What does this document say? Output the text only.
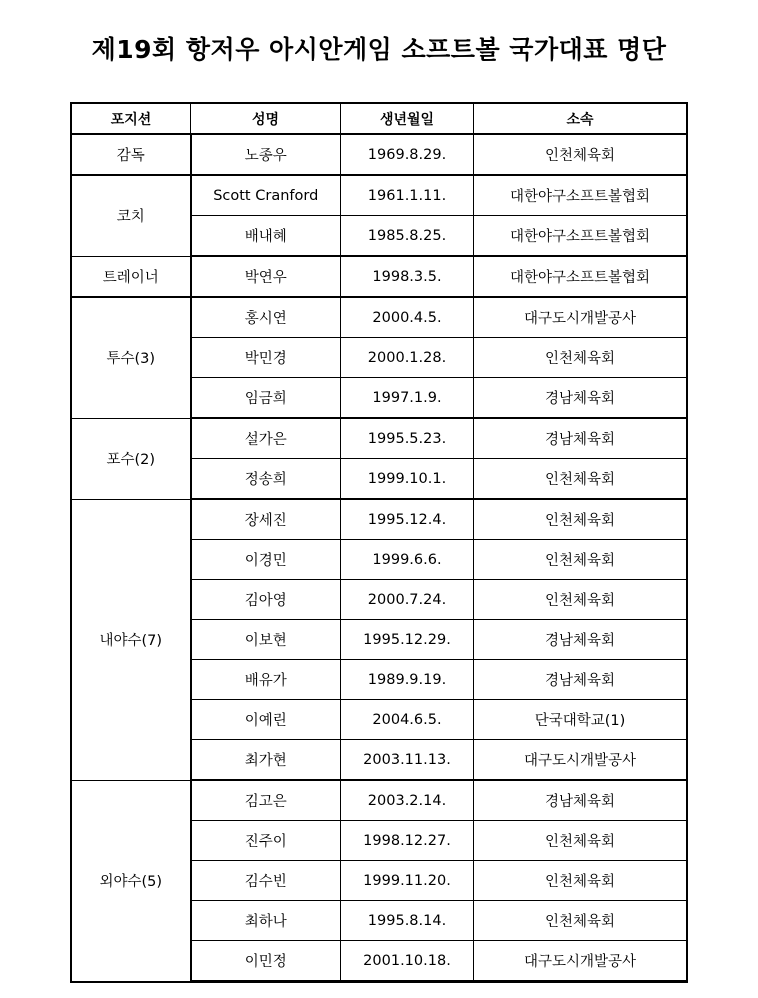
제19회 항저우 아시안게임 소프트볼 국가대표 명단
포지션	성명	생년월일	소속
감독	노종우	1969.8.29.	인천체육회
코치	Scott Cranford	1961.1.11.	대한야구소프트볼협회
	배내혜	1985.8.25.	대한야구소프트볼협회
트레이너	박연우	1998.3.5.	대한야구소프트볼협회
투수(3)	홍시연	2000.4.5.	대구도시개발공사
	박민경	2000.1.28.	인천체육회
	임금희	1997.1.9.	경남체육회
포수(2)	설가은	1995.5.23.	경남체육회
	정송희	1999.10.1.	인천체육회
내야수(7)	장세진	1995.12.4.	인천체육회
	이경민	1999.6.6.	인천체육회
	김아영	2000.7.24.	인천체육회
	이보현	1995.12.29.	경남체육회
	배유가	1989.9.19.	경남체육회
	이예린	2004.6.5.	단국대학교(1)
	최가현	2003.11.13.	대구도시개발공사
외야수(5)	김고은	2003.2.14.	경남체육회
	진주이	1998.12.27.	인천체육회
	김수빈	1999.11.20.	인천체육회
	최하나	1995.8.14.	인천체육회
	이민정	2001.10.18.	대구도시개발공사
